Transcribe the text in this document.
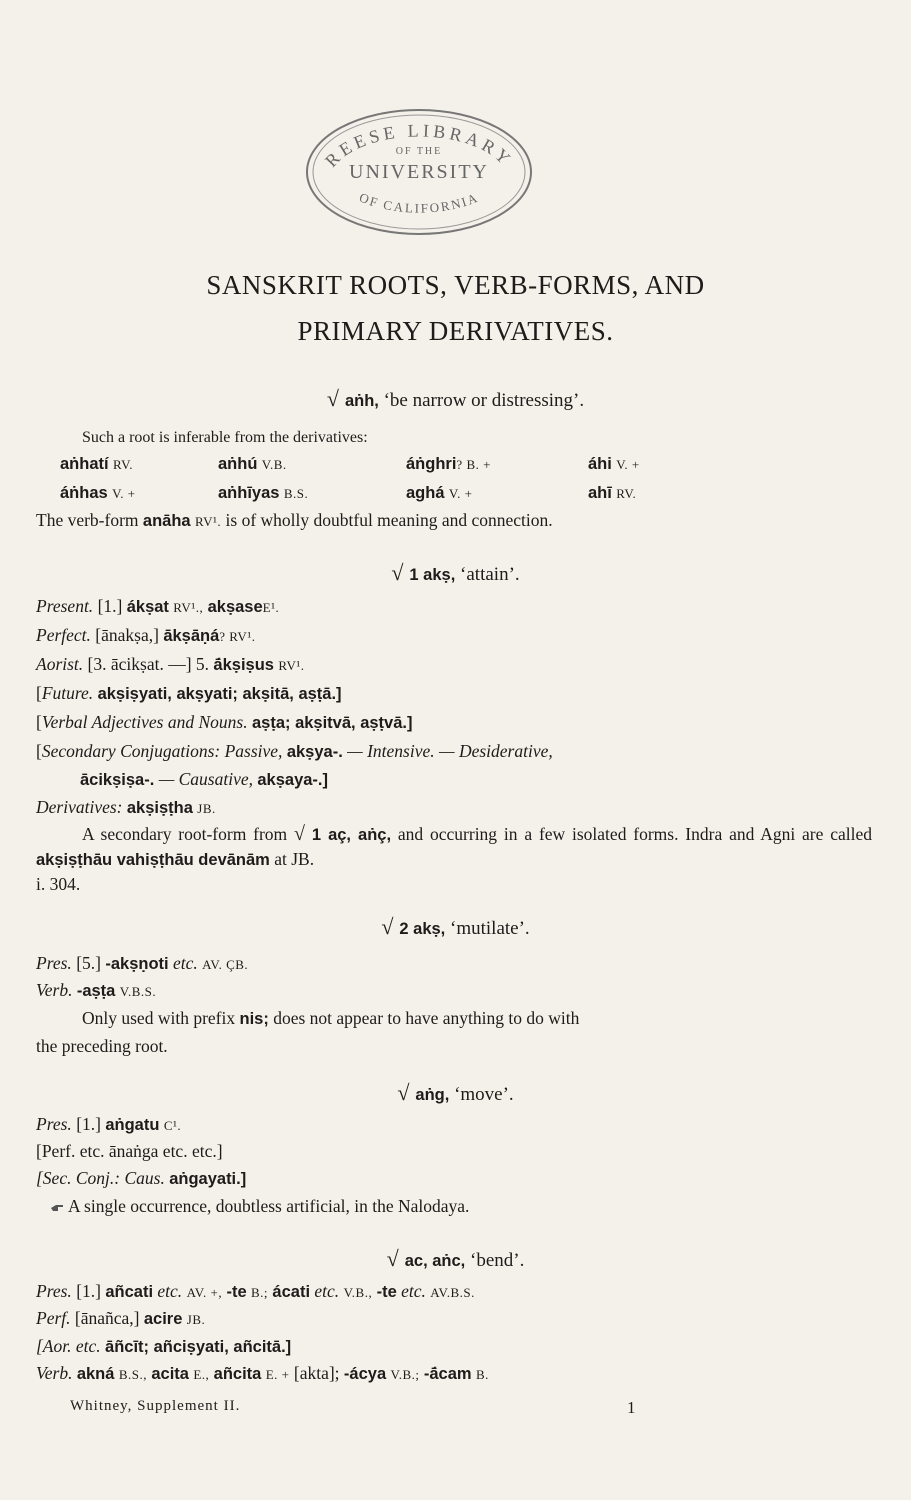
REESE LIBRARY
OF THE
UNIVERSITY
OF CALIFORNIA
SANSKRIT ROOTS, VERB-FORMS, AND
PRIMARY DERIVATIVES.
√ aṅh, ‘be narrow or distressing’.
Such a root is inferable from the derivatives:
aṅhatí RV.	aṅhú V.B.	áṅghri? B. +	áhi V. +
áṅhas V. +	aṅhīyas B.S.	aghá V. +	ahī RV.
The verb-form anāha RV¹. is of wholly doubtful meaning and connection.
√ 1 akṣ, ‘attain’.
Present. [1.] ákṣat RV¹., akṣaseE¹.
Perfect. [ānakṣa,] ākṣāṇá? RV¹.
Aorist. [3. ācikṣat. —] 5. ā́kṣiṣus RV¹.
[Future. akṣiṣyati, akṣyati; akṣitā, aṣṭā.]
[Verbal Adjectives and Nouns. aṣṭa; akṣitvā, aṣṭvā.]
[Secondary Conjugations: Passive, akṣya-. — Intensive. — Desiderative,
ācikṣiṣa-. — Causative, akṣaya-.]
Derivatives: akṣiṣṭha JB.
A secondary root-form from √ 1 aç, aṅç, and occurring in a few isolated forms. Indra and Agni are called akṣiṣṭhāu vahiṣṭhāu devānām at JB.
i. 304.
√ 2 akṣ, ‘mutilate’.
Pres. [5.] -akṣṇoti etc. AV. ÇB.
Verb. -aṣṭa V.B.S.
Only used with prefix nis; does not appear to have anything to do with
the preceding root.
√ aṅg, ‘move’.
Pres. [1.] aṅgatu C¹.
[Perf. etc. ānaṅga etc. etc.]
[Sec. Conj.: Caus. aṅgayati.]
A single occurrence, doubtless artificial, in the Nalodaya.
√ ac, aṅc, ‘bend’.
Pres. [1.] añcati etc. AV. +, -te B.; ácati etc. V.B., -te etc. AV.B.S.
Perf. [ānañca,] acire JB.
[Aor. etc. āñcīt; añciṣyati, añcitā.]
Verb. akná B.S., acita E., añcita E. + [akta]; -ácya V.B.; -ā́cam B.
Whitney, Supplement II.	1
